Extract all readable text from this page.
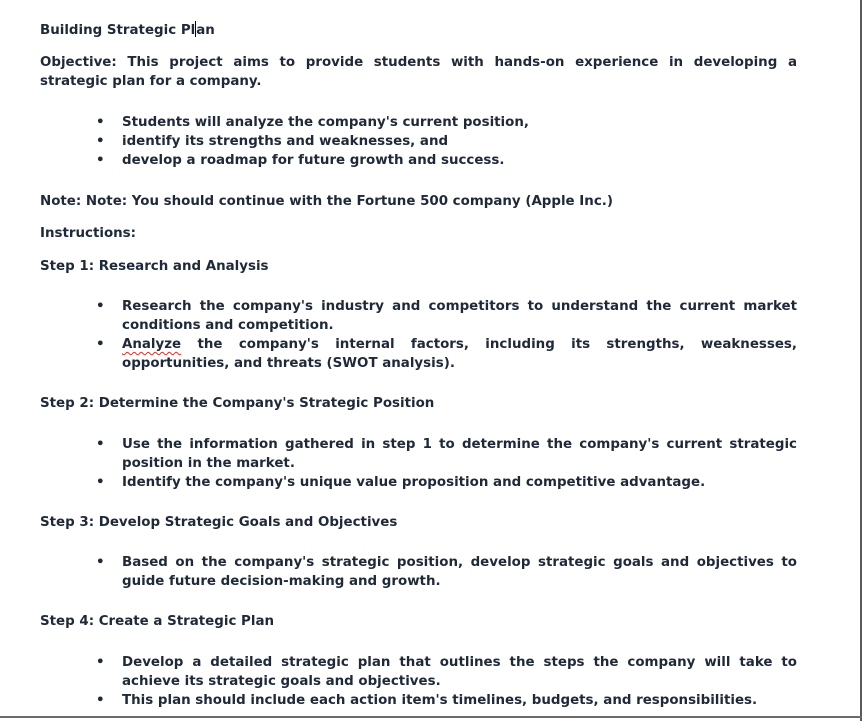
Building Strategic Plan
Objective: This project aims to provide students with hands-on experience in developing a strategic plan for a company.
• Students will analyze the company's current position,
• identify its strengths and weaknesses, and
• develop a roadmap for future growth and success.
Note: Note: You should continue with the Fortune 500 company (Apple Inc.)
Instructions:
Step 1: Research and Analysis
• Research the company's industry and competitors to understand the current market conditions and competition.
• Analyze the company's internal factors, including its strengths, weaknesses, opportunities, and threats (SWOT analysis).
Step 2: Determine the Company's Strategic Position
• Use the information gathered in step 1 to determine the company's current strategic position in the market.
• Identify the company's unique value proposition and competitive advantage.
Step 3: Develop Strategic Goals and Objectives
• Based on the company's strategic position, develop strategic goals and objectives to guide future decision-making and growth.
Step 4: Create a Strategic Plan
• Develop a detailed strategic plan that outlines the steps the company will take to achieve its strategic goals and objectives.
• This plan should include each action item's timelines, budgets, and responsibilities.
